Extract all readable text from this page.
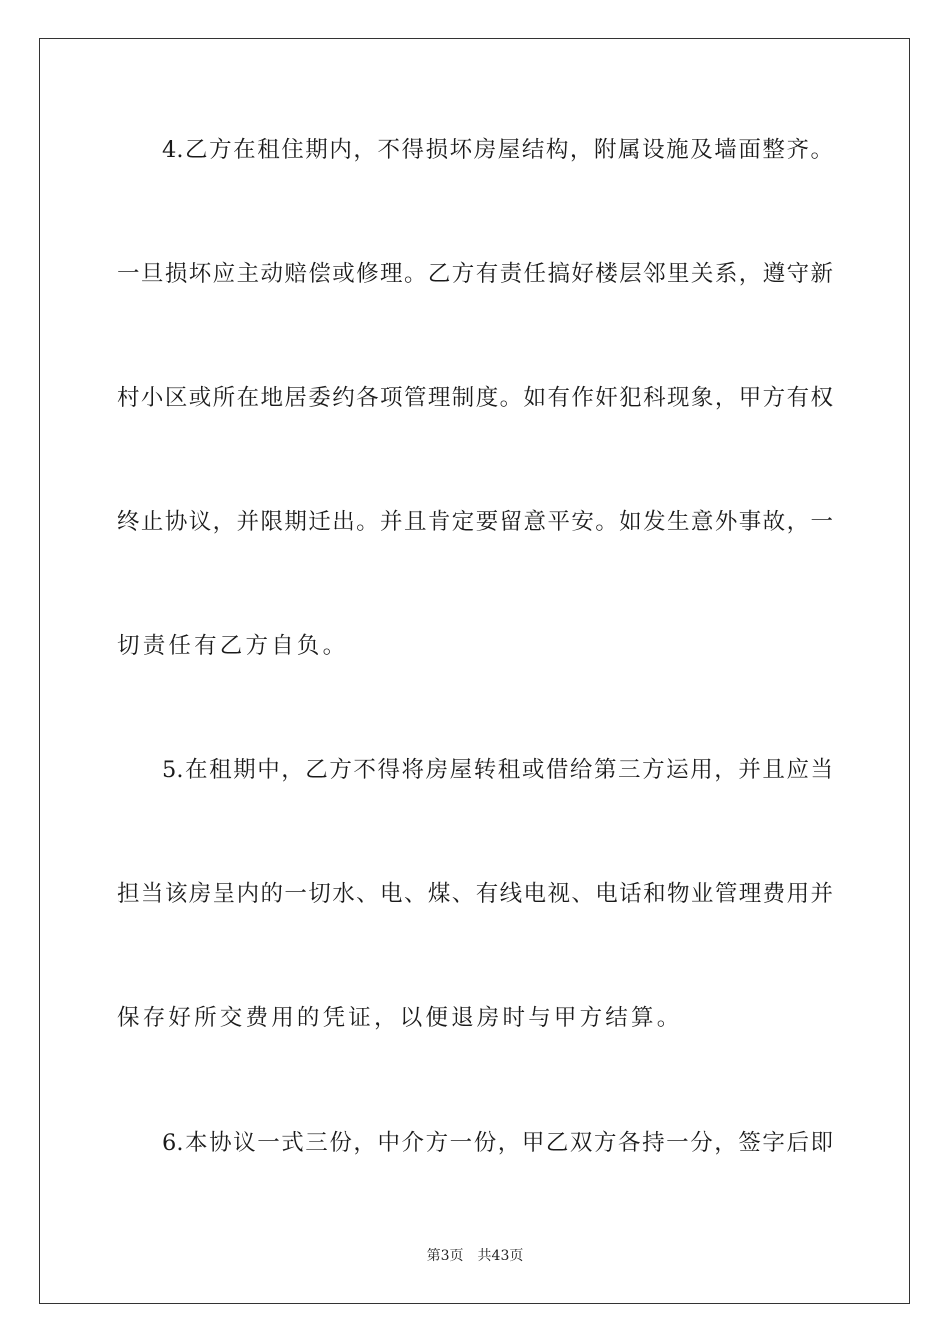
4.乙方在租住期内，不得损坏房屋结构，附属设施及墙面整齐。
一旦损坏应主动赔偿或修理。乙方有责任搞好楼层邻里关系，遵守新
村小区或所在地居委约各项管理制度。如有作奸犯科现象，甲方有权
终止协议，并限期迁出。并且肯定要留意平安。如发生意外事故，一
切责任有乙方自负。
5.在租期中，乙方不得将房屋转租或借给第三方运用，并且应当
担当该房呈内的一切水、电、煤、有线电视、电话和物业管理费用并
保存好所交费用的凭证，以便退房时与甲方结算。
6.本协议一式三份，中介方一份，甲乙双方各持一分，签字后即
第3页　共43页
